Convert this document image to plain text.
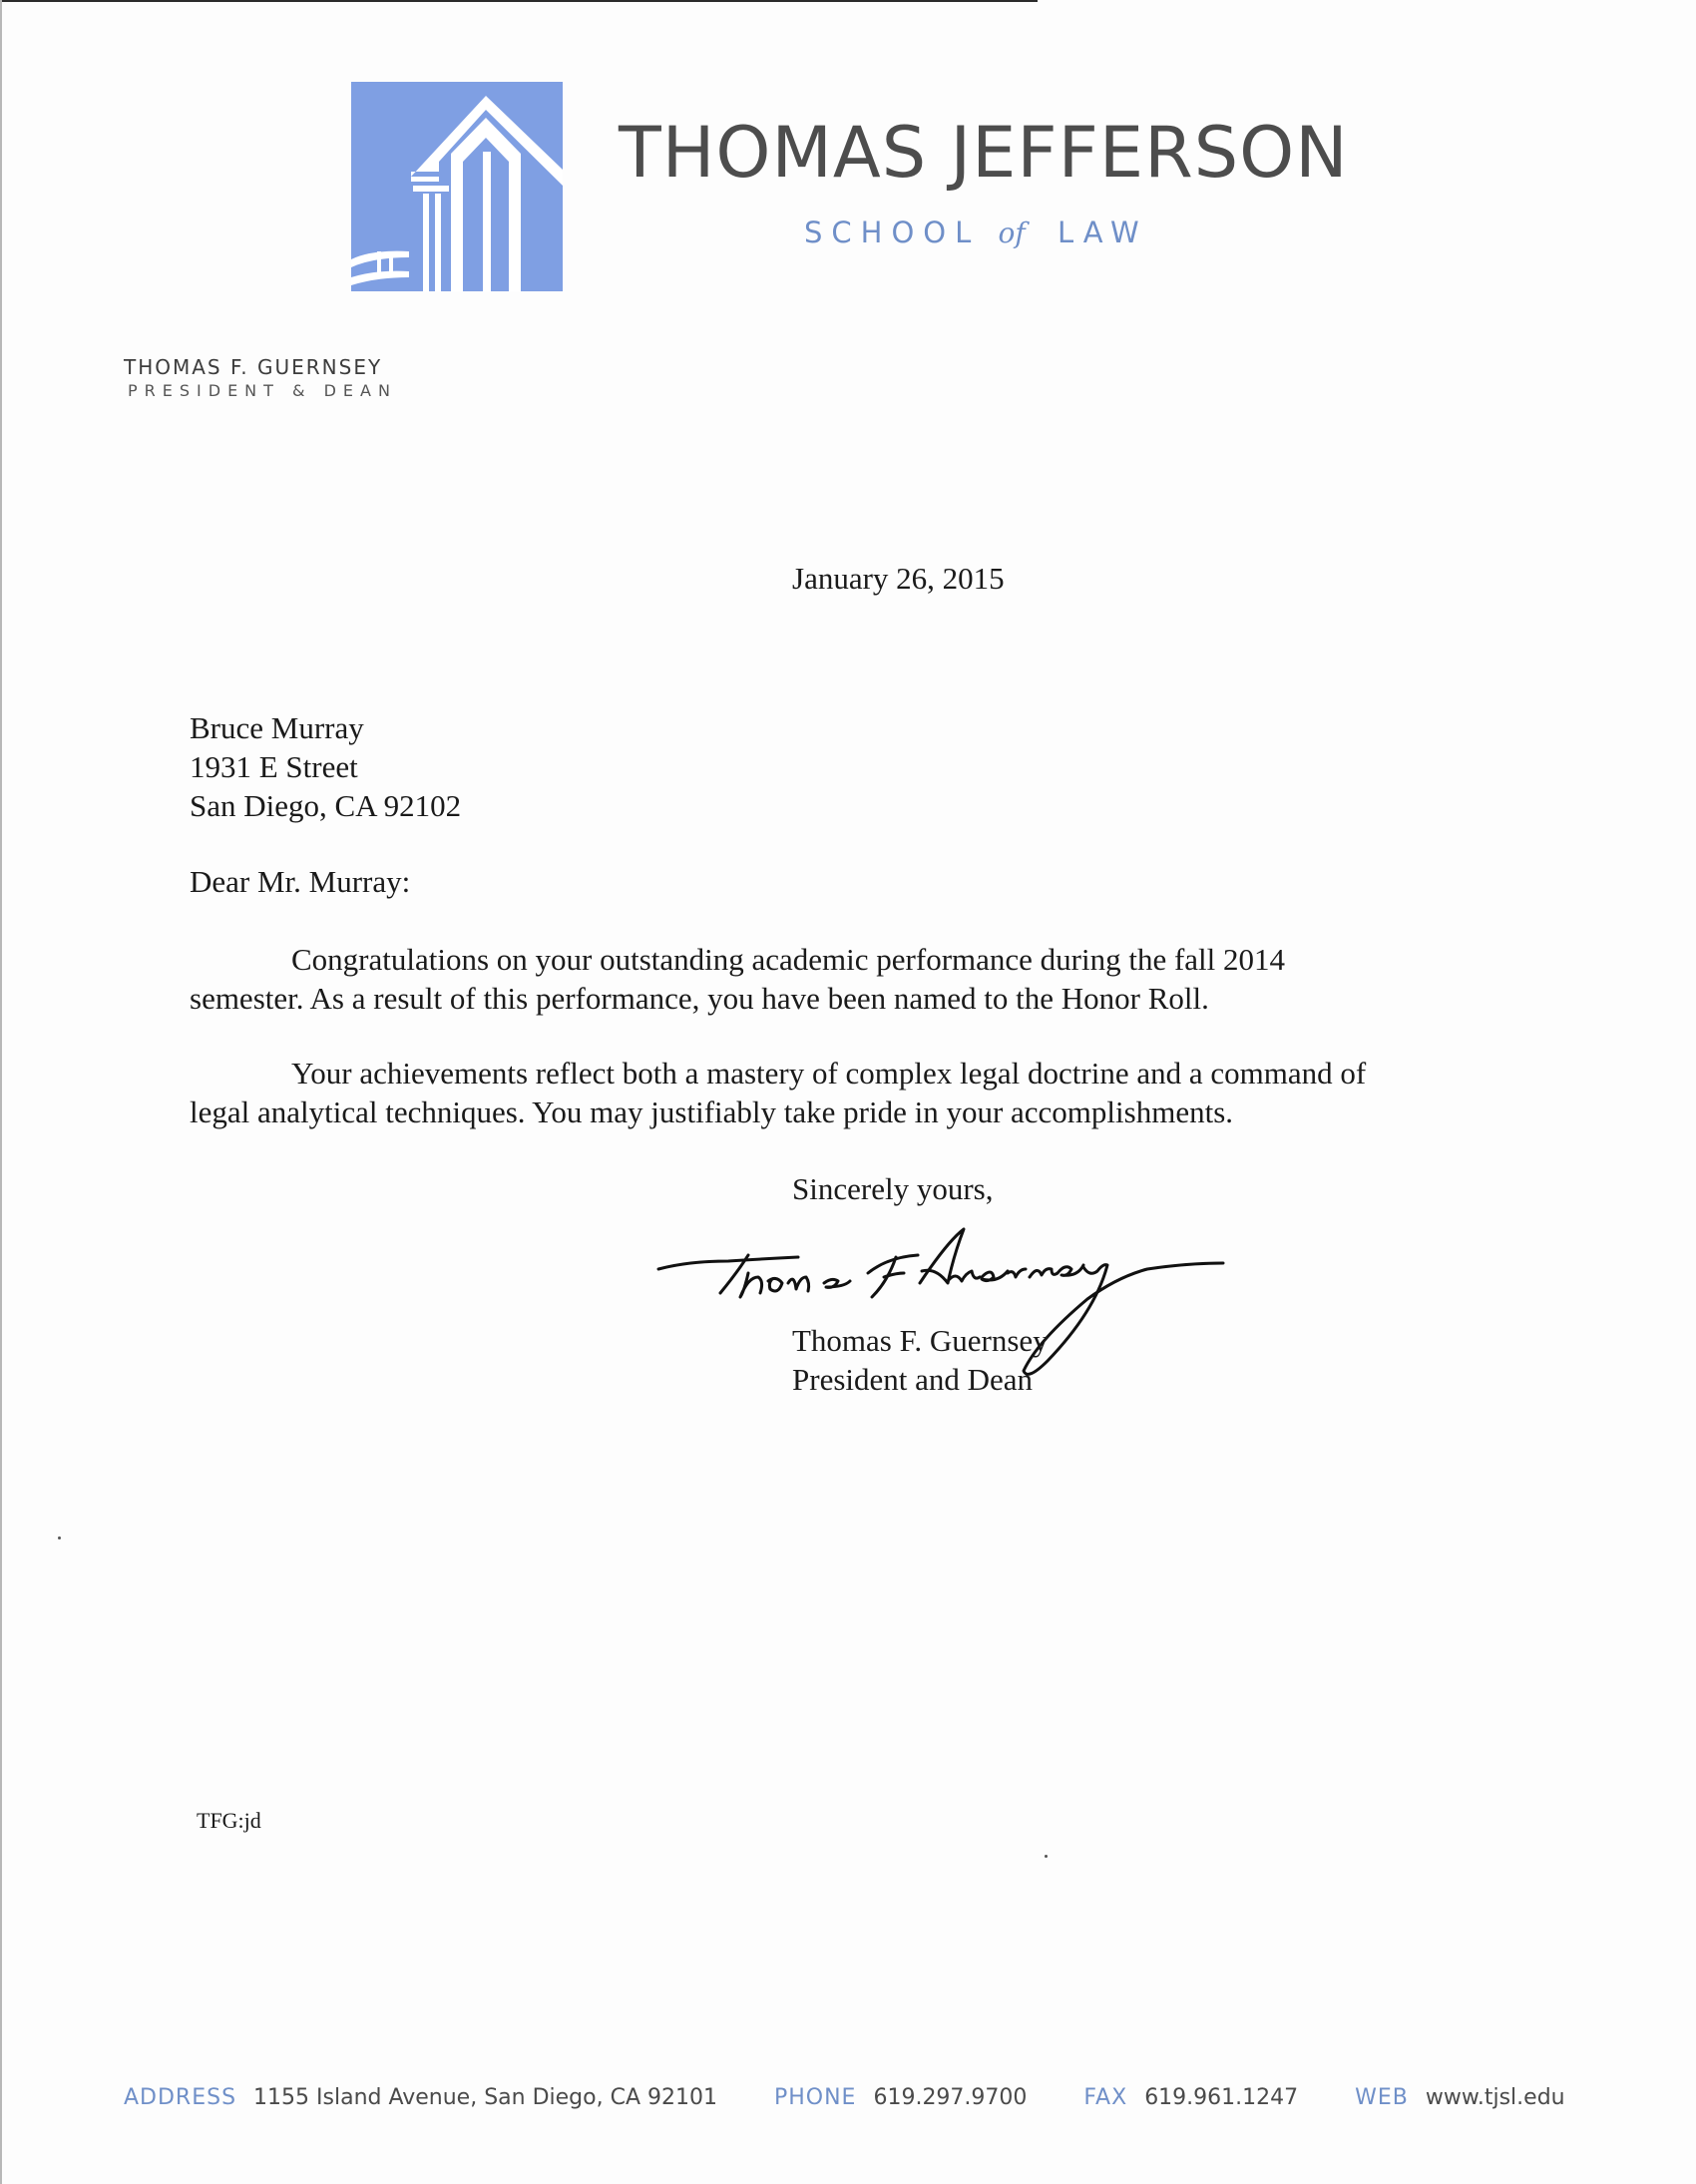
THOMAS JEFFERSON
SCHOOL of LAW
THOMAS F. GUERNSEY
PRESIDENT & DEAN
January 26, 2015
Bruce Murray
1931 E Street
San Diego, CA 92102
Dear Mr. Murray:
Congratulations on your outstanding academic performance during the fall 2014
semester. As a result of this performance, you have been named to the Honor Roll.
Your achievements reflect both a mastery of complex legal doctrine and a command of
legal analytical techniques. You may justifiably take pride in your accomplishments.
Sincerely yours,
Thomas F. Guernsey
President and Dean
TFG:jd
ADDRESS 1155 Island Avenue, San Diego, CA 92101	PHONE 619.297.9700	FAX 619.961.1247	WEB www.tjsl.edu
